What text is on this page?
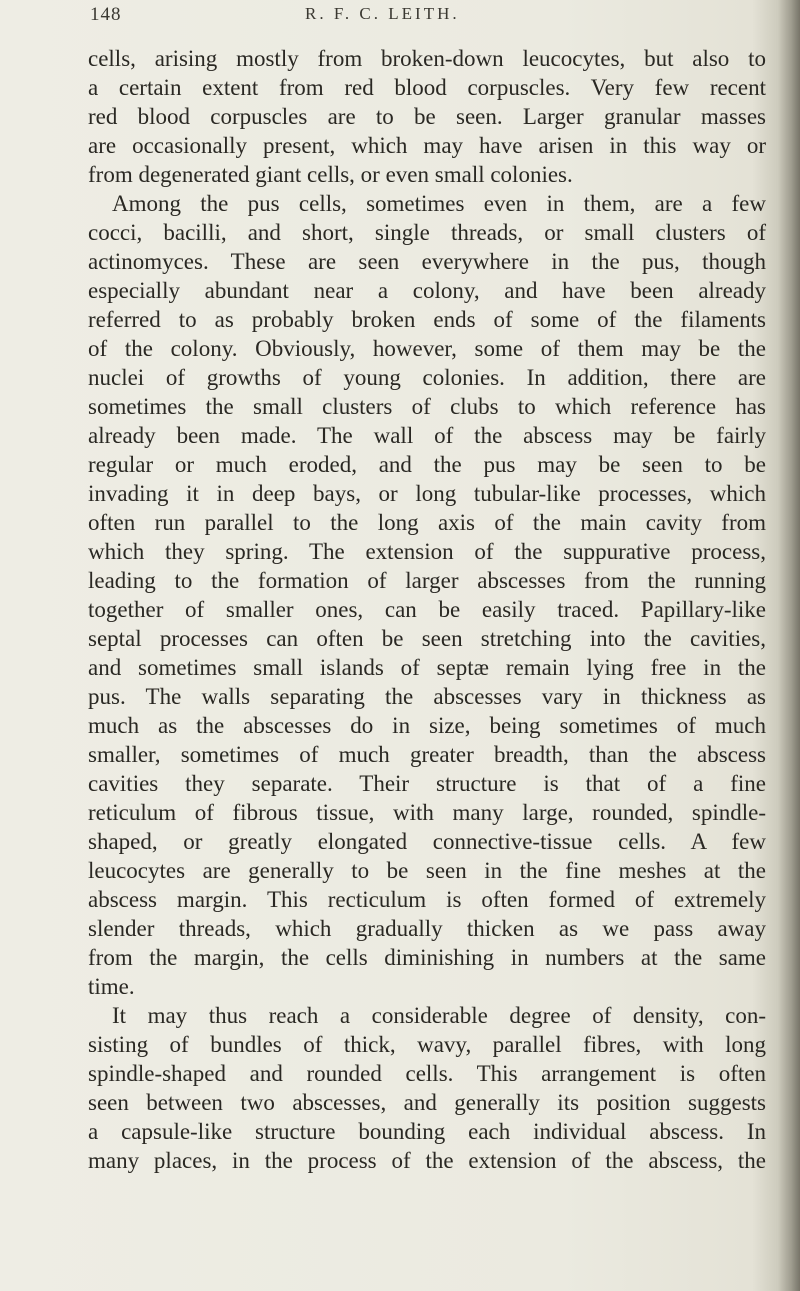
148	R. F. C. LEITH.
cells, arising mostly from broken-down leucocytes, but also to
a certain extent from red blood corpuscles. Very few recent
red blood corpuscles are to be seen. Larger granular masses
are occasionally present, which may have arisen in this way or
from degenerated giant cells, or even small colonies.
Among the pus cells, sometimes even in them, are a few
cocci, bacilli, and short, single threads, or small clusters of
actinomyces. These are seen everywhere in the pus, though
especially abundant near a colony, and have been already
referred to as probably broken ends of some of the filaments
of the colony. Obviously, however, some of them may be the
nuclei of growths of young colonies. In addition, there are
sometimes the small clusters of clubs to which reference has
already been made. The wall of the abscess may be fairly
regular or much eroded, and the pus may be seen to be
invading it in deep bays, or long tubular-like processes, which
often run parallel to the long axis of the main cavity from
which they spring. The extension of the suppurative process,
leading to the formation of larger abscesses from the running
together of smaller ones, can be easily traced. Papillary-like
septal processes can often be seen stretching into the cavities,
and sometimes small islands of septæ remain lying free in the
pus. The walls separating the abscesses vary in thickness as
much as the abscesses do in size, being sometimes of much
smaller, sometimes of much greater breadth, than the abscess
cavities they separate. Their structure is that of a fine
reticulum of fibrous tissue, with many large, rounded, spindle-
shaped, or greatly elongated connective-tissue cells. A few
leucocytes are generally to be seen in the fine meshes at the
abscess margin. This recticulum is often formed of extremely
slender threads, which gradually thicken as we pass away
from the margin, the cells diminishing in numbers at the same
time.
It may thus reach a considerable degree of density, con-
sisting of bundles of thick, wavy, parallel fibres, with long
spindle-shaped and rounded cells. This arrangement is often
seen between two abscesses, and generally its position suggests
a capsule-like structure bounding each individual abscess. In
many places, in the process of the extension of the abscess, the
